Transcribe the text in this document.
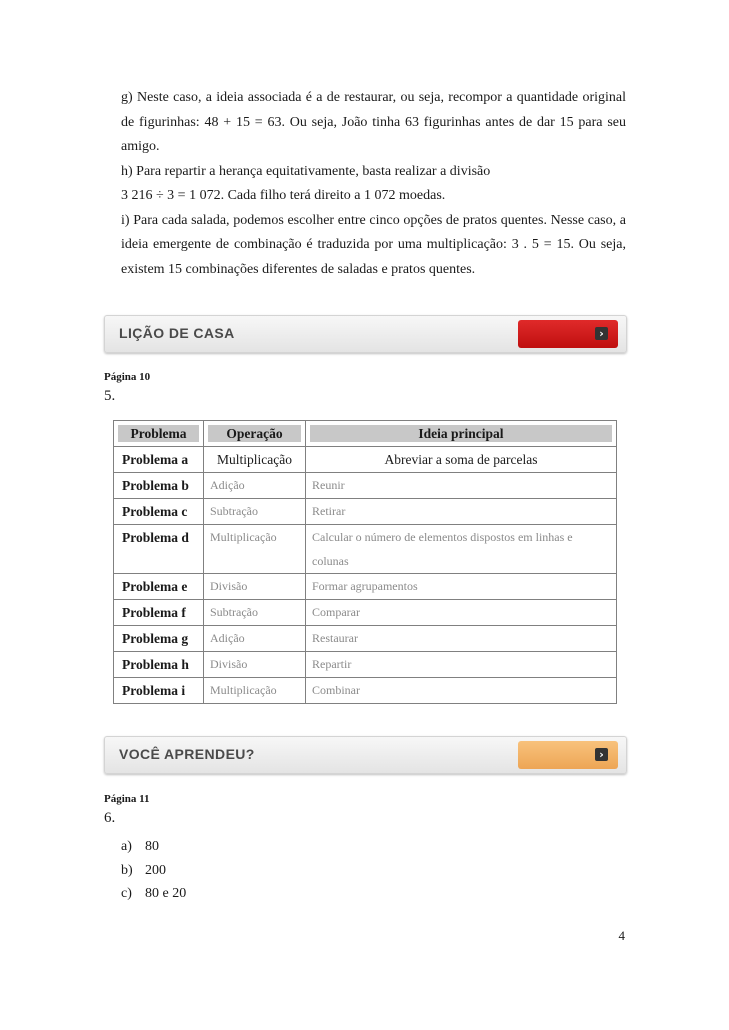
g) Neste caso, a ideia associada é a de restaurar, ou seja, recompor a quantidade original de figurinhas: 48 + 15 = 63. Ou seja, João tinha 63 figurinhas antes de dar 15 para seu amigo.

h) Para repartir a herança equitativamente, basta realizar a divisão

3 216 ÷ 3 = 1 072. Cada filho terá direito a 1 072 moedas.

i) Para cada salada, podemos escolher entre cinco opções de pratos quentes. Nesse caso, a ideia emergente de combinação é traduzida por uma multiplicação: 3 . 5 = 15. Ou seja, existem 15 combinações diferentes de saladas e pratos quentes.

LIÇÃO DE CASA	›
Página 10
5.
Problema	Operação	Ideia principal

Problema a	Multiplicação	Abreviar a soma de parcelas
Problema b	Adição	Reunir
Problema c	Subtração	Retirar
Problema d	Multiplicação	Calcular o número de elementos dispostos em linhas e colunas
Problema e	Divisão	Formar agrupamentos
Problema f	Subtração	Comparar
Problema g	Adição	Restaurar
Problema h	Divisão	Repartir
Problema i	Multiplicação	Combinar
VOCÊ APRENDEU?	›
Página 11
6.
a) 80
b) 200
c) 80 e 20
4
